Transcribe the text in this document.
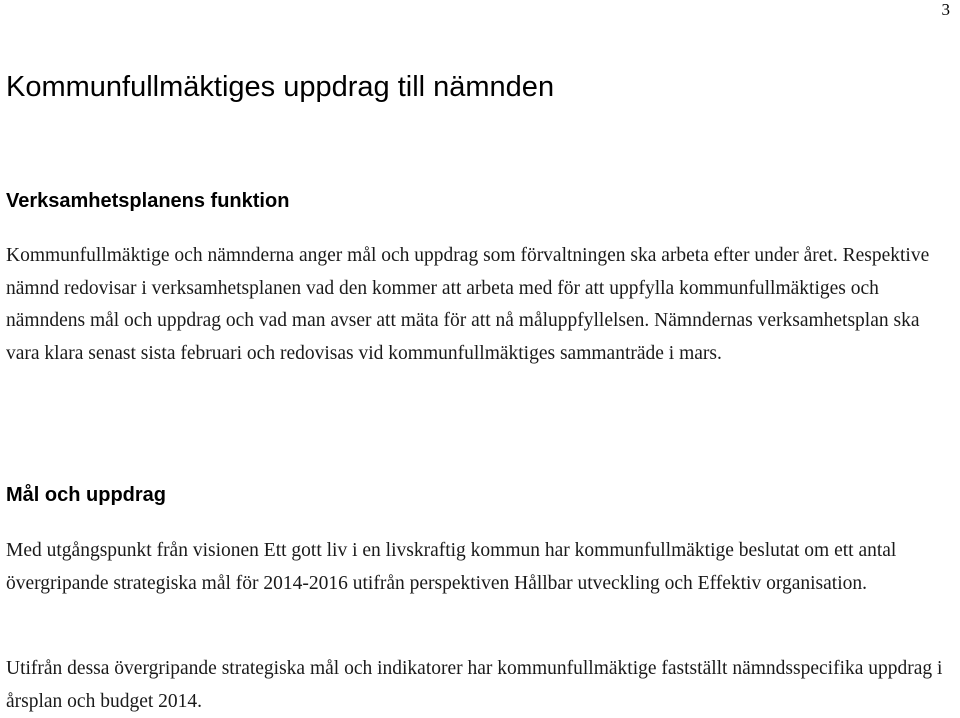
3
Kommunfullmäktiges uppdrag till nämnden
Verksamhetsplanens funktion

Kommunfullmäktige och nämnderna anger mål och uppdrag som förvaltningen ska arbeta efter under året. Respektive nämnd redovisar i verksamhetsplanen vad den kommer att arbeta med för att uppfylla kommunfullmäktiges och nämndens mål och uppdrag och vad man avser att mäta för att nå måluppfyllelsen. Nämndernas verksamhetsplan ska vara klara senast sista februari och redovisas vid kommunfullmäktiges sammanträde i mars.

Mål och uppdrag

Med utgångspunkt från visionen Ett gott liv i en livskraftig kommun har kommunfullmäktige beslutat om ett antal övergripande strategiska mål för 2014-2016 utifrån perspektiven Hållbar utveckling och Effektiv organisation.

Utifrån dessa övergripande strategiska mål och indikatorer har kommunfullmäktige fastställt nämndsspecifika uppdrag i årsplan och budget 2014.
